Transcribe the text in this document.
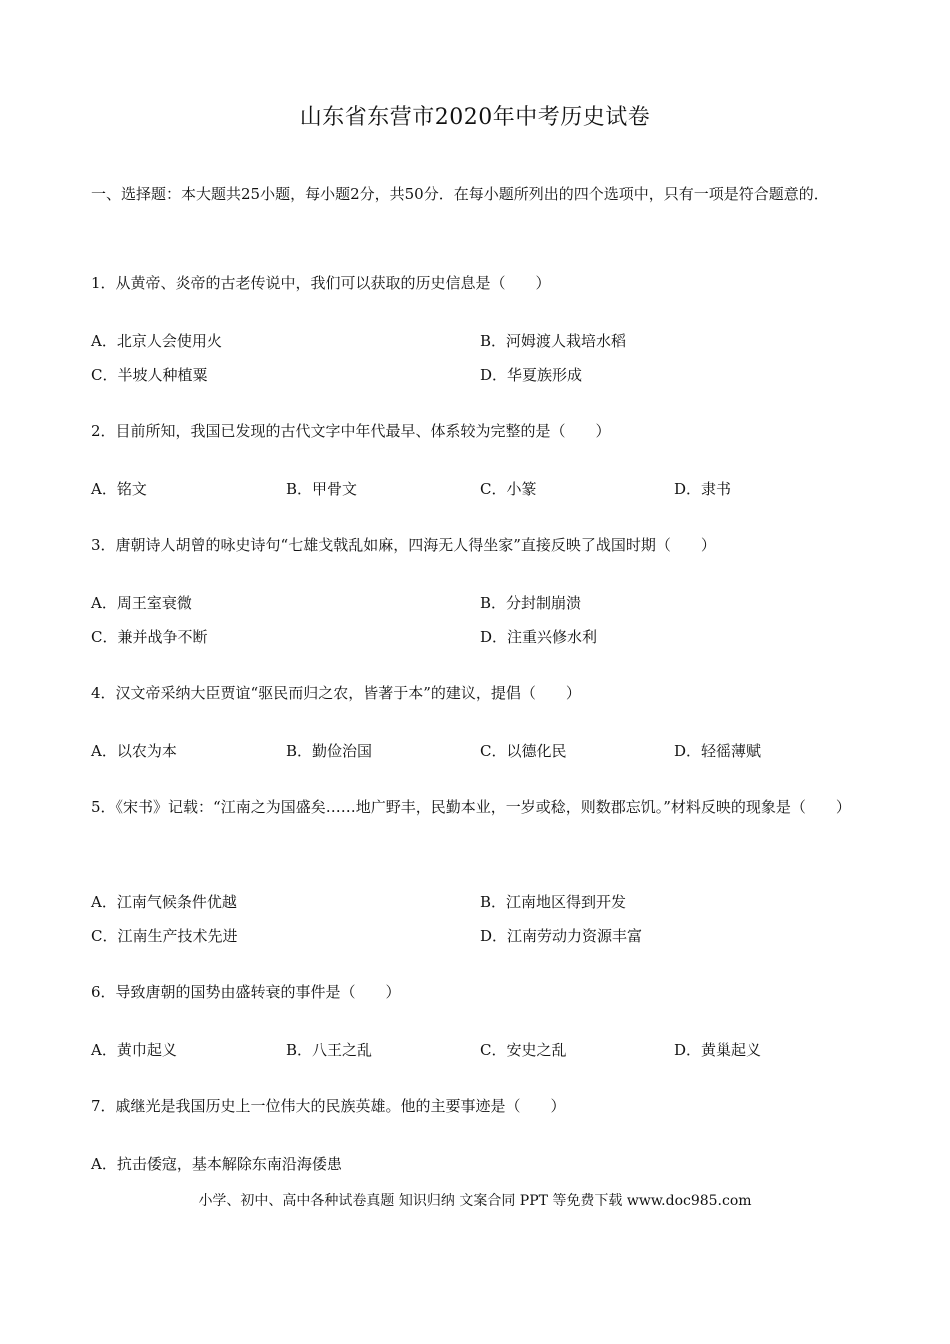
山东省东营市2020年中考历史试卷
一、选择题：本大题共25小题，每小题2分，共50分．在每小题所列出的四个选项中，只有一项是符合题意的．
1．从黄帝、炎帝的古老传说中，我们可以获取的历史信息是（　　）
A．北京人会使用火	B．河姆渡人栽培水稻
C．半坡人种植粟	D．华夏族形成
2．目前所知，我国已发现的古代文字中年代最早、体系较为完整的是（　　）
A．铭文	B．甲骨文	C．小篆	D．隶书
3．唐朝诗人胡曾的咏史诗句“七雄戈戟乱如麻，四海无人得坐家”直接反映了战国时期（　　）
A．周王室衰微	B．分封制崩溃
C．兼并战争不断	D．注重兴修水利
4．汉文帝采纳大臣贾谊“驱民而归之农，皆著于本”的建议，提倡（　　）
A．以农为本	B．勤俭治国	C．以德化民	D．轻徭薄赋
5．《宋书》记载：“江南之为国盛矣……地广野丰，民勤本业，一岁或稔，则数郡忘饥。”材料反映的现象是（　　）
A．江南气候条件优越	B．江南地区得到开发
C．江南生产技术先进	D．江南劳动力资源丰富
6．导致唐朝的国势由盛转衰的事件是（　　）
A．黄巾起义	B．八王之乱	C．安史之乱	D．黄巢起义
7．戚继光是我国历史上一位伟大的民族英雄。他的主要事迹是（　　）
A．抗击倭寇，基本解除东南沿海倭患
小学、初中、高中各种试卷真题 知识归纳 文案合同 PPT 等免费下载 www.doc985.com
